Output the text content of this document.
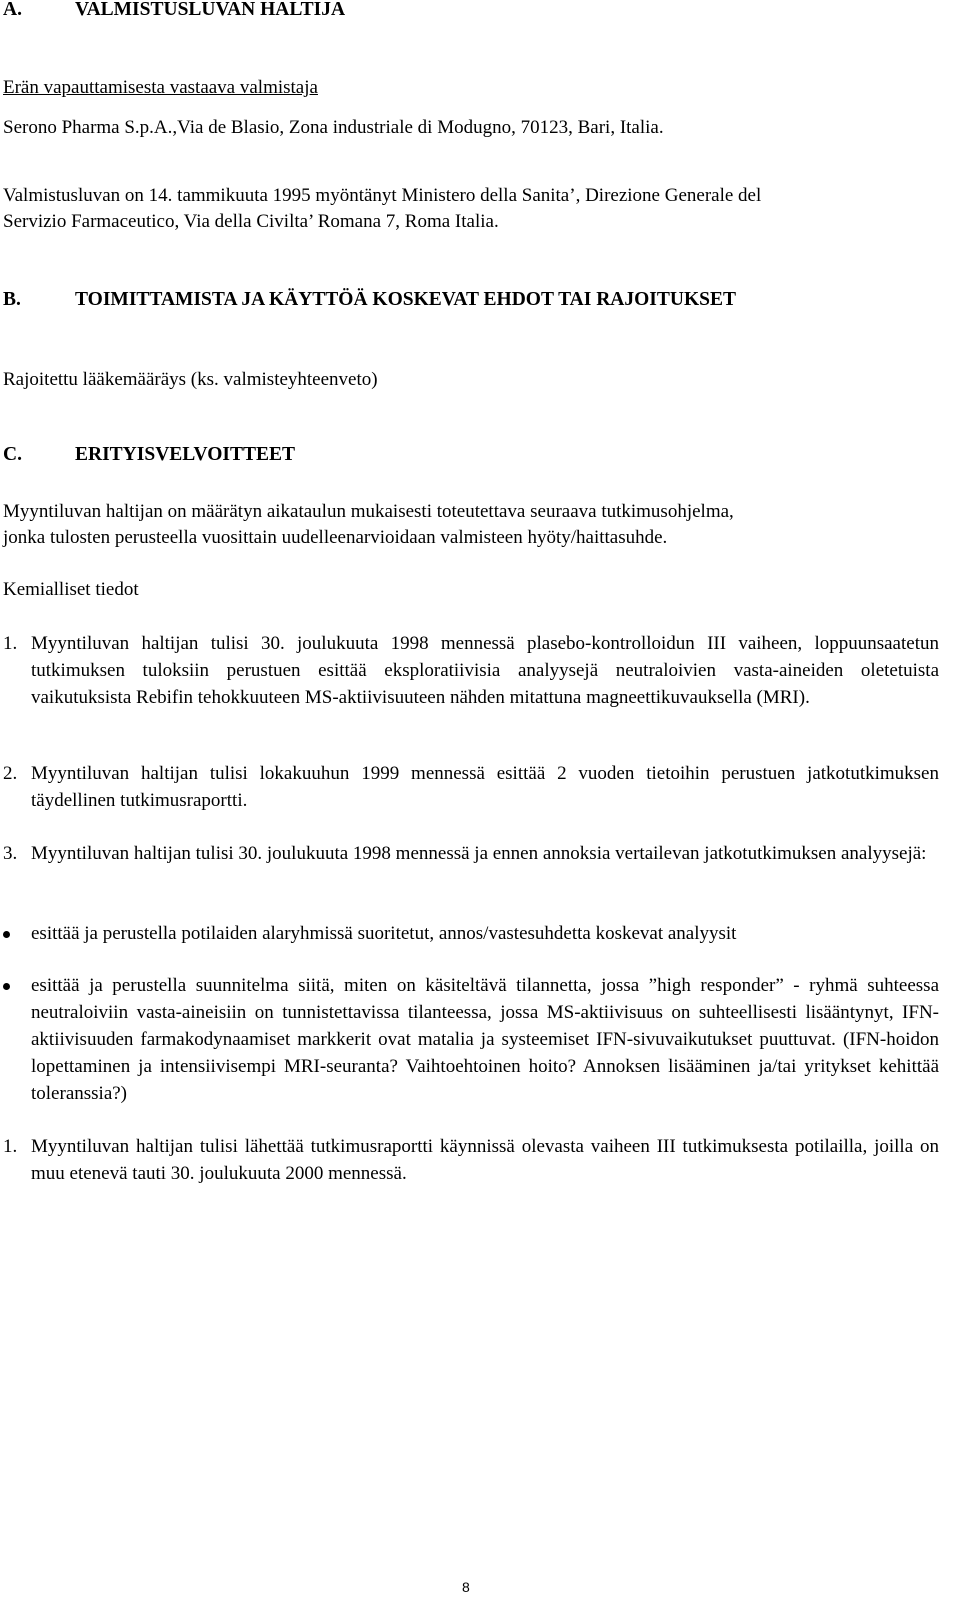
A.	VALMISTUSLUVAN HALTIJA
Erän vapauttamisesta vastaava valmistaja
Serono Pharma S.p.A.,Via de Blasio, Zona industriale di Modugno, 70123, Bari, Italia.
Valmistusluvan on 14. tammikuuta 1995 myöntänyt Ministero della Sanita’, Direzione Generale del
Servizio Farmaceutico, Via della Civilta’ Romana 7, Roma Italia.
B.	TOIMITTAMISTA JA KÄYTTÖÄ KOSKEVAT EHDOT TAI RAJOITUKSET
Rajoitettu lääkemääräys (ks. valmisteyhteenveto)
C.	ERITYISVELVOITTEET
Myyntiluvan haltijan on määrätyn aikataulun mukaisesti toteutettava seuraava tutkimusohjelma,
jonka tulosten perusteella vuosittain uudelleenarvioidaan valmisteen hyöty/haittasuhde.
Kemialliset tiedot
1. Myyntiluvan haltijan tulisi 30. joulukuuta 1998 mennessä plasebo-kontrolloidun III vaiheen, loppuunsaatetun tutkimuksen tuloksiin perustuen esittää eksploratiivisia analyysejä neutraloivien vasta-aineiden oletetuista vaikutuksista Rebifin tehokkuuteen MS-aktiivisuuteen nähden mitattuna magneettikuvauksella (MRI).
2. Myyntiluvan haltijan tulisi lokakuuhun 1999 mennessä esittää 2 vuoden tietoihin perustuen jatkotutkimuksen täydellinen tutkimusraportti.
3. Myyntiluvan haltijan tulisi 30. joulukuuta 1998 mennessä ja ennen annoksia vertailevan jatkotutkimuksen analyysejä:
esittää ja perustella potilaiden alaryhmissä suoritetut, annos/vastesuhdetta koskevat analyysit
esittää ja perustella suunnitelma siitä, miten on käsiteltävä tilannetta, jossa ”high responder” - ryhmä suhteessa neutraloiviin vasta-aineisiin on tunnistettavissa tilanteessa, jossa MS-aktiivisuus on suhteellisesti lisääntynyt, IFN-aktiivisuuden farmakodynaamiset markkerit ovat matalia ja systeemiset IFN-sivuvaikutukset puuttuvat. (IFN-hoidon lopettaminen ja intensiivisempi MRI-seuranta? Vaihtoehtoinen hoito? Annoksen lisääminen ja/tai yritykset kehittää toleranssia?)
1. Myyntiluvan haltijan tulisi lähettää tutkimusraportti käynnissä olevasta vaiheen III tutkimuksesta potilailla, joilla on muu etenevä tauti 30. joulukuuta 2000 mennessä.
8
